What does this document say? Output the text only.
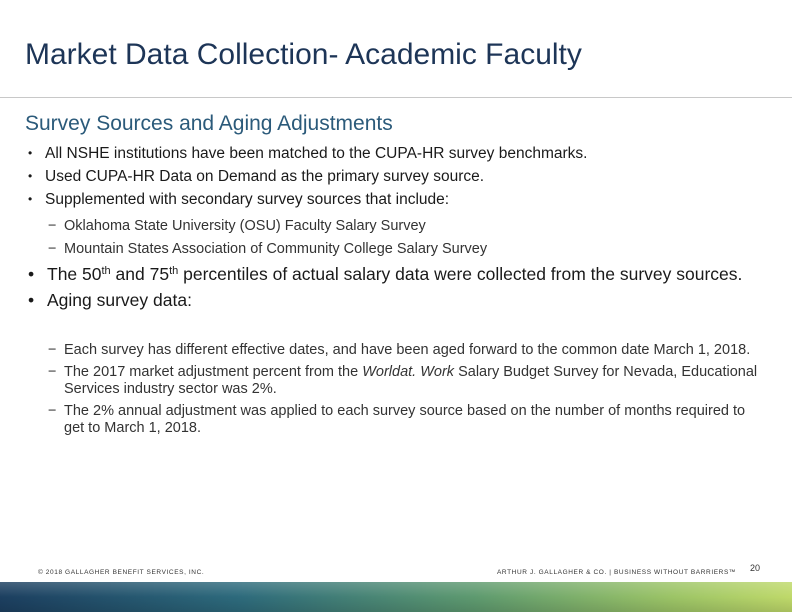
Market Data Collection- Academic Faculty
Survey Sources and Aging Adjustments
• All NSHE institutions have been matched to the CUPA-HR survey benchmarks.
• Used CUPA-HR Data on Demand as the primary survey source.
• Supplemented with secondary survey sources that include:
− Oklahoma State University (OSU) Faculty Salary Survey
− Mountain States Association of Community College Salary Survey
• The 50th and 75th percentiles of actual salary data were collected from the survey sources.
• Aging survey data:
− Each survey has different effective dates, and have been aged forward to the common date March 1, 2018.
− The 2017 market adjustment percent from the Worldat. Work Salary Budget Survey for Nevada, Educational Services industry sector was 2%.
− The 2% annual adjustment was applied to each survey source based on the number of months required to get to March 1, 2018.
© 2018 GALLAGHER BENEFIT SERVICES, INC.	ARTHUR J. GALLAGHER & CO. | BUSINESS WITHOUT BARRIERS™ 20
